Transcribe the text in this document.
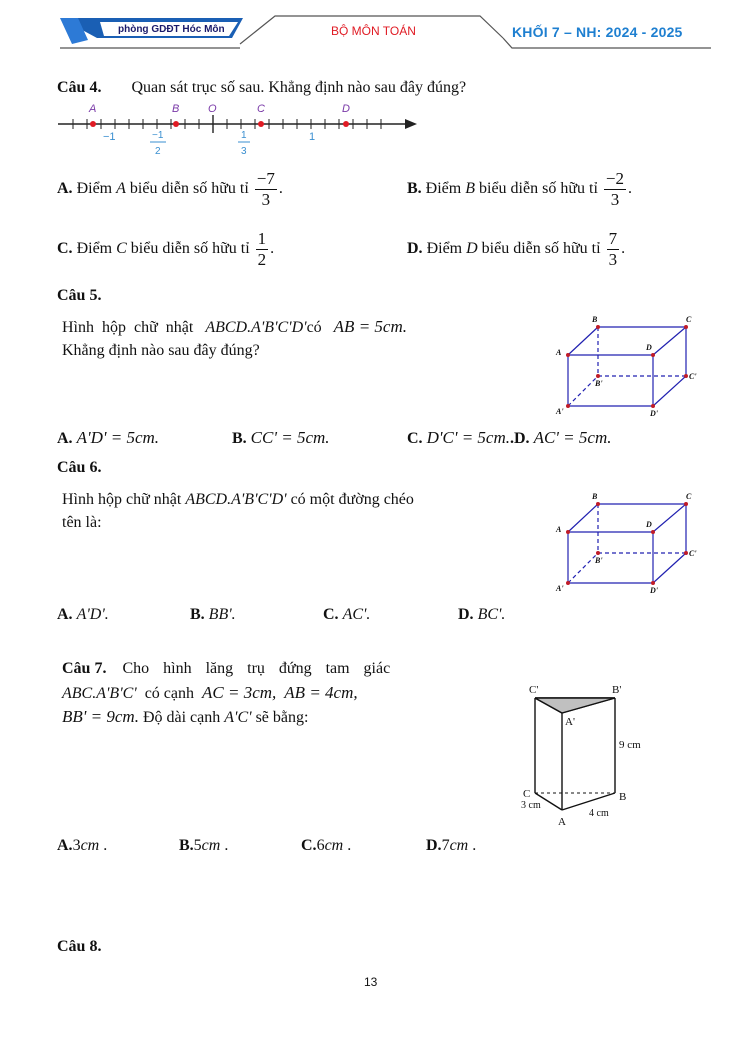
phòng GDĐT Hóc Môn	BỘ MÔN TOÁN	KHỐI 7 – NH: 2024 - 2025
Câu 4. Quan sát trục số sau. Khẳng định nào sau đây đúng?
A	B	O	C	D
−1	−1
2
1
3
1
A. Điểm A biểu diễn số hữu tỉ $\frac{-7}{3}$ .	B. Điểm B biểu diễn số hữu tỉ $\frac{-2}{3}$ .
C. Điểm C biểu diễn số hữu tỉ $\frac{1}{2}$ .	D. Điểm D biểu diễn số hữu tỉ $\frac{7}{3}$ .
Câu 5.
Hình hộp chữ nhật ABCD.A'B'C'D'có AB = 5cm.
Khẳng định nào sau đây đúng?
B	C
A
D
B'
C'
A'	D'
A. A'D' = 5cm.	B. CC' = 5cm.	C. D'C' = 5cm..D. AC' = 5cm.
Câu 6.
Hình hộp chữ nhật ABCD.A'B'C'D' có một đường chéo
tên là:
B	C
A
D
B'
C'
A'	D'
A. A'D'.	B. BB'.	C. AC'.	D. BC'.
Câu 7. Cho hình lăng trụ đứng tam giác
ABC.A'B'C' có cạnh AC = 3cm, AB = 4cm,
BB' = 9cm. Độ dài cạnh A'C' sẽ bằng:
C'	B'
A'
9 cm
C	B
3 cm
4 cm
A
A.3cm .	B.5cm .	C.6cm .	D.7cm .
Câu 8.
13
